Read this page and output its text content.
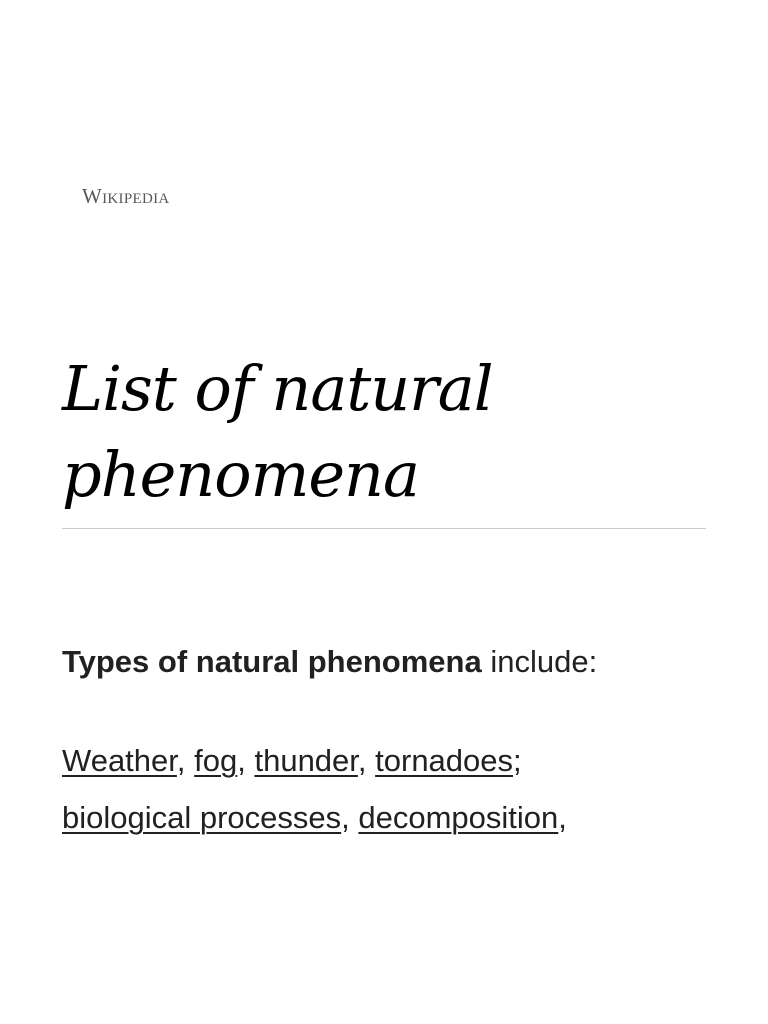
Wikipedia
List of natural phenomena

Types of natural phenomena include:

Weather, fog, thunder, tornadoes;
biological processes, decomposition,
